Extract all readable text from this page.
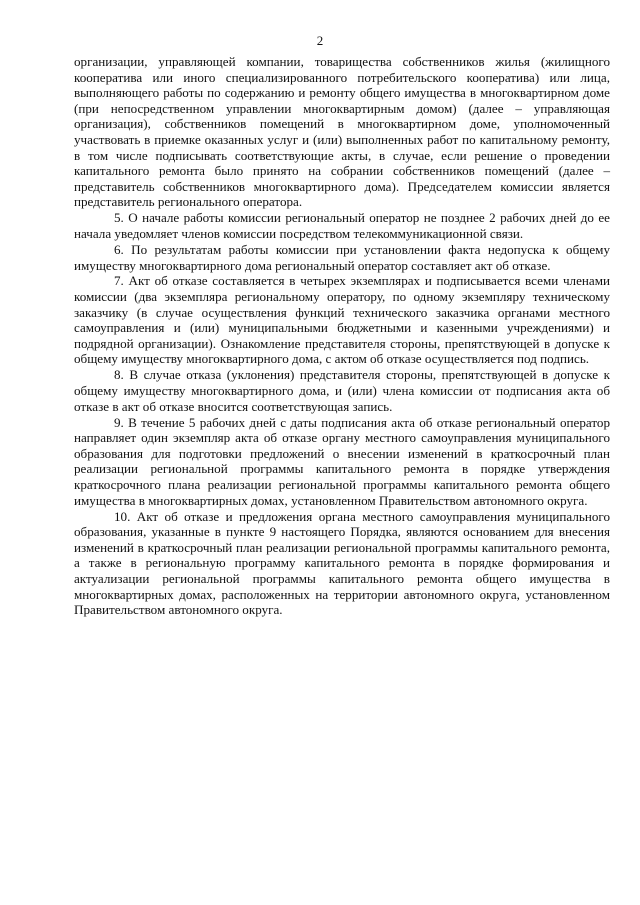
2

организации, управляющей компании, товарищества собственников жилья (жилищного кооператива или иного специализированного потребительского кооператива) или лица, выполняющего работы по содержанию и ремонту общего имущества в многоквартирном доме (при непосредственном управлении многоквартирным домом) (далее – управляющая организация), собственников помещений в многоквартирном доме, уполномоченный участвовать в приемке оказанных услуг и (или) выполненных работ по капитальному ремонту, в том числе подписывать соответствующие акты, в случае, если решение о проведении капитального ремонта было принято на собрании собственников помещений (далее – представитель собственников многоквартирного дома). Председателем комиссии является представитель регионального оператора.

5. О начале работы комиссии региональный оператор не позднее 2 рабочих дней до ее начала уведомляет членов комиссии посредством телекоммуникационной связи.

6. По результатам работы комиссии при установлении факта недопуска к общему имуществу многоквартирного дома региональный оператор составляет акт об отказе.

7. Акт об отказе составляется в четырех экземплярах и подписывается всеми членами комиссии (два экземпляра региональному оператору, по одному экземпляру техническому заказчику (в случае осуществления функций технического заказчика органами местного самоуправления и (или) муниципальными бюджетными и казенными учреждениями) и подрядной организации). Ознакомление представителя стороны, препятствующей в допуске к общему имуществу многоквартирного дома, с актом об отказе осуществляется под подпись.

8. В случае отказа (уклонения) представителя стороны, препятствующей в допуске к общему имуществу многоквартирного дома, и (или) члена комиссии от подписания акта об отказе в акт об отказе вносится соответствующая запись.

9. В течение 5 рабочих дней с даты подписания акта об отказе региональный оператор направляет один экземпляр акта об отказе органу местного самоуправления муниципального образования для подготовки предложений о внесении изменений в краткосрочный план реализации региональной программы капитального ремонта в порядке утверждения краткосрочного плана реализации региональной программы капитального ремонта общего имущества в многоквартирных домах, установленном Правительством автономного округа.

10. Акт об отказе и предложения органа местного самоуправления муниципального образования, указанные в пункте 9 настоящего Порядка, являются основанием для внесения изменений в краткосрочный план реализации региональной программы капитального ремонта, а также в региональную программу капитального ремонта в порядке формирования и актуализации региональной программы капитального ремонта общего имущества в многоквартирных домах, расположенных на территории автономного округа, установленном Правительством автономного округа.
